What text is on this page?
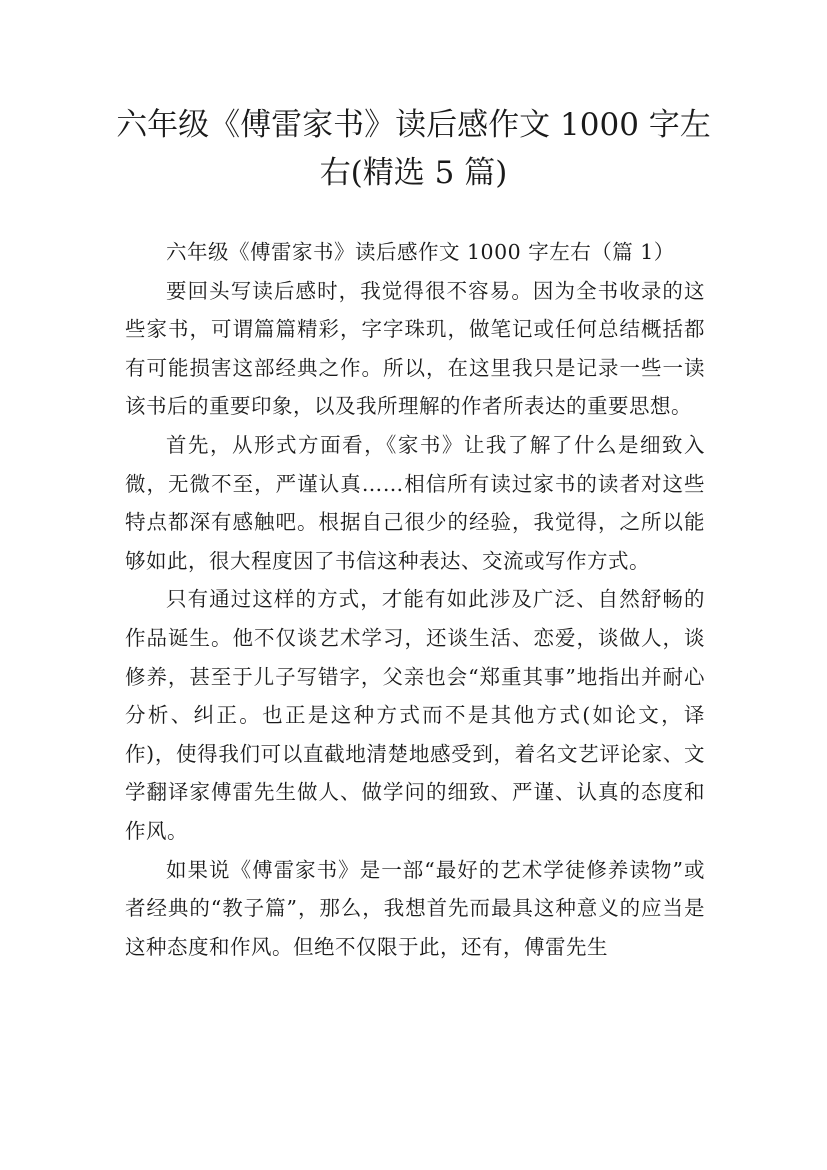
六年级《傅雷家书》读后感作文 1000 字左
右(精选 5 篇)

六年级《傅雷家书》读后感作文 1000 字左右（篇 1）

要回头写读后感时，我觉得很不容易。因为全书收录的这些家书，可谓篇篇精彩，字字珠玑，做笔记或任何总结概括都有可能损害这部经典之作。所以，在这里我只是记录一些一读该书后的重要印象，以及我所理解的作者所表达的重要思想。

首先，从形式方面看，《家书》让我了解了什么是细致入微，无微不至，严谨认真……相信所有读过家书的读者对这些特点都深有感触吧。根据自己很少的经验，我觉得，之所以能够如此，很大程度因了书信这种表达、交流或写作方式。

只有通过这样的方式，才能有如此涉及广泛、自然舒畅的作品诞生。他不仅谈艺术学习，还谈生活、恋爱，谈做人，谈修养，甚至于儿子写错字，父亲也会“郑重其事”地指出并耐心分析、纠正。也正是这种方式而不是其他方式(如论文，译作)，使得我们可以直截地清楚地感受到，着名文艺评论家、文学翻译家傅雷先生做人、做学问的细致、严谨、认真的态度和作风。

如果说《傅雷家书》是一部“最好的艺术学徒修养读物”或者经典的“教子篇”，那么，我想首先而最具这种意义的应当是这种态度和作风。但绝不仅限于此，还有，傅雷先生
